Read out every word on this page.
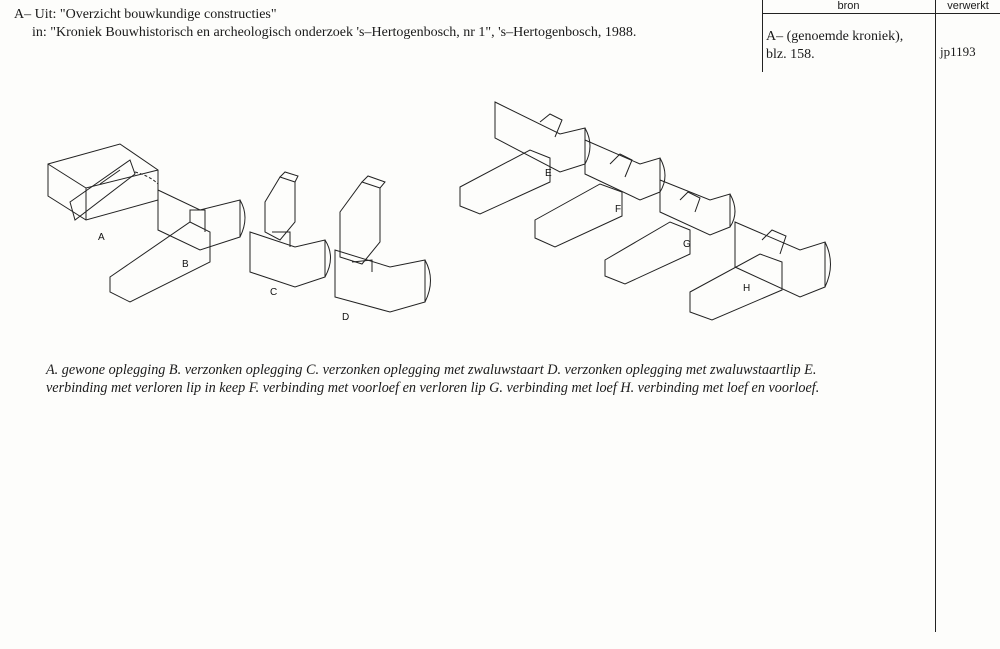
A– Uit: "Overzicht bouwkundige constructies"
in: "Kroniek Bouwhistorisch en archeologisch onderzoek 's–Hertogenbosch, nr 1", 's–Hertogenbosch, 1988.
bron	verwerkt
A– (genoemde kroniek),
blz. 158.	jp1193
A
B
C
D
E
F
G
H
A. gewone oplegging B. verzonken oplegging C. verzonken oplegging met zwaluwstaart D. verzonken oplegging met zwaluwstaartlip E. verbinding met verloren lip in keep F. verbinding met voorloef en verloren lip G. verbinding met loef H. verbinding met loef en voorloef.
